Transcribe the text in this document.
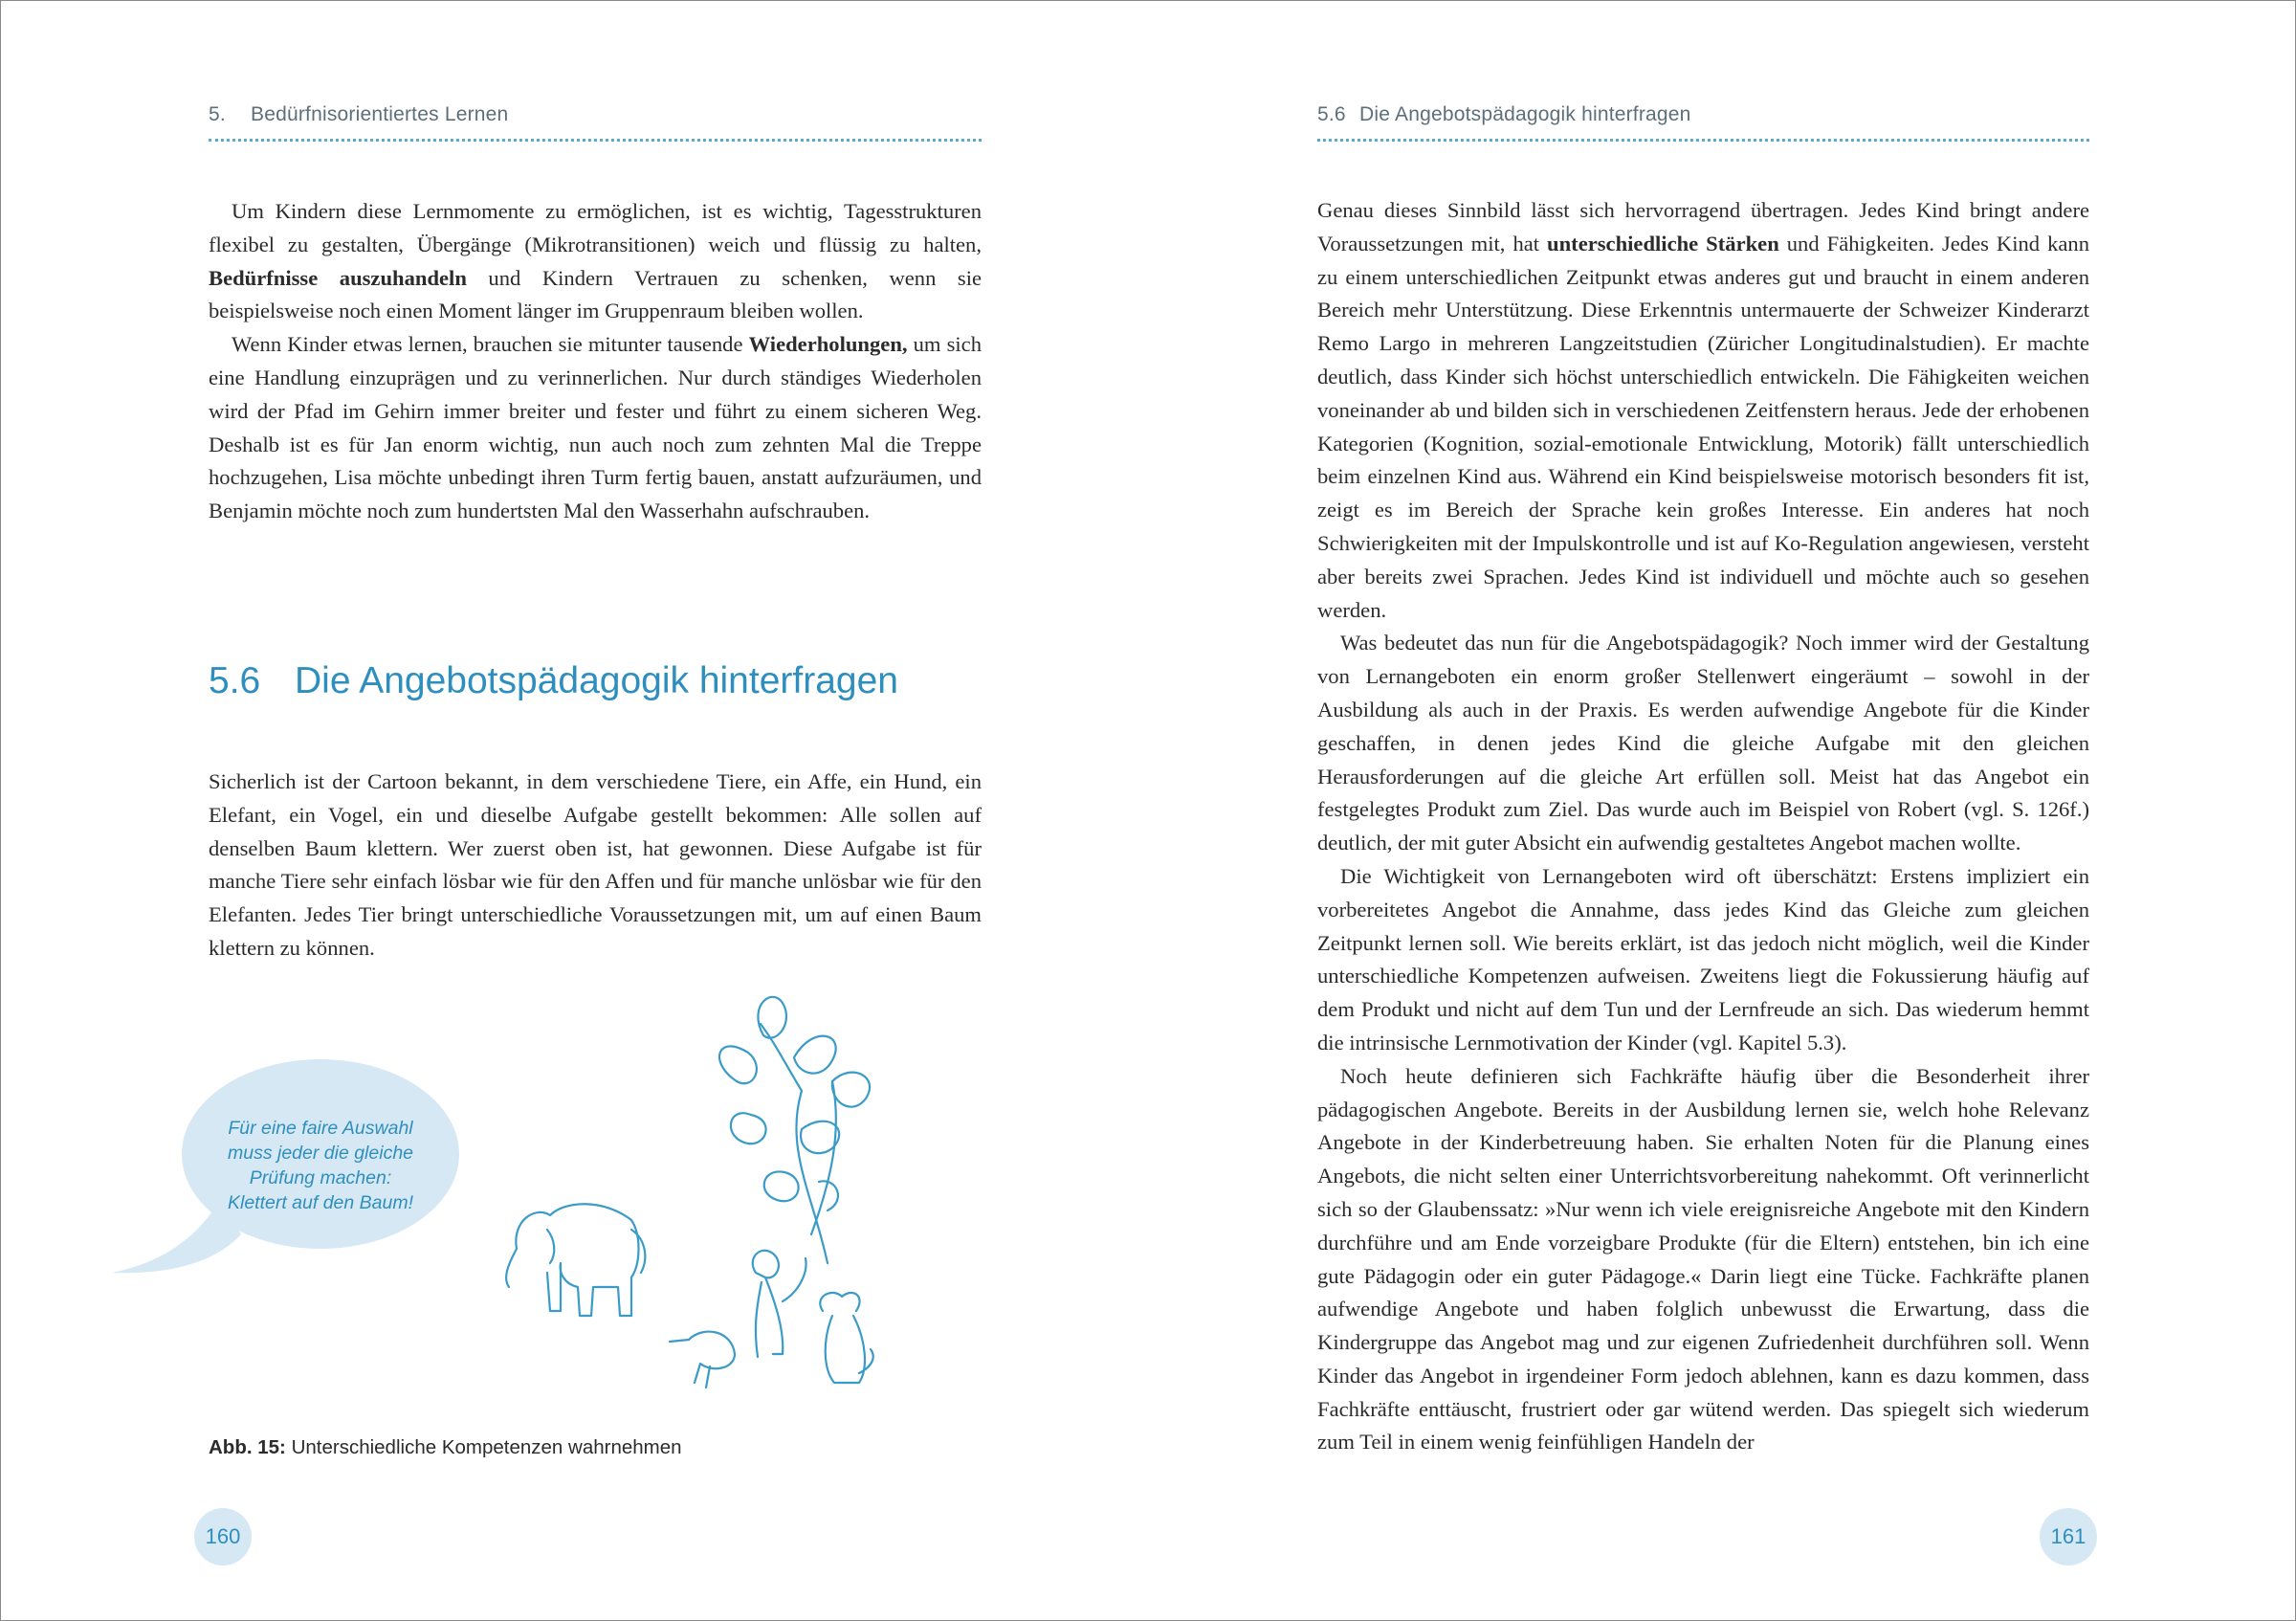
5. Bedürfnisorientiertes Lernen

Um Kindern diese Lernmomente zu ermöglichen, ist es wichtig, Tagesstrukturen flexibel zu gestalten, Übergänge (Mikrotransitionen) weich und flüssig zu halten, Bedürfnisse auszuhandeln und Kindern Vertrauen zu schenken, wenn sie beispielsweise noch einen Moment länger im Gruppenraum bleiben wollen.

Wenn Kinder etwas lernen, brauchen sie mitunter tausende Wiederholungen, um sich eine Handlung einzuprägen und zu verinnerlichen. Nur durch ständiges Wiederholen wird der Pfad im Gehirn immer breiter und fester und führt zu einem sicheren Weg. Deshalb ist es für Jan enorm wichtig, nun auch noch zum zehnten Mal die Treppe hochzugehen, Lisa möchte unbedingt ihren Turm fertig bauen, anstatt aufzuräumen, und Benjamin möchte noch zum hundertsten Mal den Wasserhahn aufschrauben.

5.6 Die Angebotspädagogik hinterfragen

Sicherlich ist der Cartoon bekannt, in dem verschiedene Tiere, ein Affe, ein Hund, ein Elefant, ein Vogel, ein und dieselbe Aufgabe gestellt bekommen: Alle sollen auf denselben Baum klettern. Wer zuerst oben ist, hat gewonnen. Diese Aufgabe ist für manche Tiere sehr einfach lösbar wie für den Affen und für manche unlösbar wie für den Elefanten. Jedes Tier bringt unterschiedliche Voraussetzungen mit, um auf einen Baum klettern zu können.

Für eine faire Auswahl
muss jeder die gleiche
Prüfung machen:
Klettert auf den Baum!
Abb. 15: Unterschiedliche Kompetenzen wahrnehmen
160
5.6 Die Angebotspädagogik hinterfragen

Genau dieses Sinnbild lässt sich hervorragend übertragen. Jedes Kind bringt andere Voraussetzungen mit, hat unterschiedliche Stärken und Fähigkeiten. Jedes Kind kann zu einem unterschiedlichen Zeitpunkt etwas anderes gut und braucht in einem anderen Bereich mehr Unterstützung. Diese Erkenntnis untermauerte der Schweizer Kinderarzt Remo Largo in mehreren Langzeitstudien (Züricher Longitudinalstudien). Er machte deutlich, dass Kinder sich höchst unterschiedlich entwickeln. Die Fähigkeiten weichen voneinander ab und bilden sich in verschiedenen Zeitfenstern heraus. Jede der erhobenen Kategorien (Kognition, sozial-emotionale Entwicklung, Motorik) fällt unterschiedlich beim einzelnen Kind aus. Während ein Kind beispielsweise motorisch besonders fit ist, zeigt es im Bereich der Sprache kein großes Interesse. Ein anderes hat noch Schwierigkeiten mit der Impulskontrolle und ist auf Ko-Regulation angewiesen, versteht aber bereits zwei Sprachen. Jedes Kind ist individuell und möchte auch so gesehen werden.

Was bedeutet das nun für die Angebotspädagogik? Noch immer wird der Gestaltung von Lernangeboten ein enorm großer Stellenwert eingeräumt – sowohl in der Ausbildung als auch in der Praxis. Es werden aufwendige Angebote für die Kinder geschaffen, in denen jedes Kind die gleiche Aufgabe mit den gleichen Herausforderungen auf die gleiche Art erfüllen soll. Meist hat das Angebot ein festgelegtes Produkt zum Ziel. Das wurde auch im Beispiel von Robert (vgl. S. 126f.) deutlich, der mit guter Absicht ein aufwendig gestaltetes Angebot machen wollte.

Die Wichtigkeit von Lernangeboten wird oft überschätzt: Erstens impliziert ein vorbereitetes Angebot die Annahme, dass jedes Kind das Gleiche zum gleichen Zeitpunkt lernen soll. Wie bereits erklärt, ist das jedoch nicht möglich, weil die Kinder unterschiedliche Kompetenzen aufweisen. Zweitens liegt die Fokussierung häufig auf dem Produkt und nicht auf dem Tun und der Lernfreude an sich. Das wiederum hemmt die intrinsische Lernmotivation der Kinder (vgl. Kapitel 5.3).

Noch heute definieren sich Fachkräfte häufig über die Besonderheit ihrer pädagogischen Angebote. Bereits in der Ausbildung lernen sie, welch hohe Relevanz Angebote in der Kinderbetreuung haben. Sie erhalten Noten für die Planung eines Angebots, die nicht selten einer Unterrichtsvorbereitung nahekommt. Oft verinnerlicht sich so der Glaubenssatz: »Nur wenn ich viele ereignisreiche Angebote mit den Kindern durchführe und am Ende vorzeigbare Produkte (für die Eltern) entstehen, bin ich eine gute Pädagogin oder ein guter Pädagoge.« Darin liegt eine Tücke. Fachkräfte planen aufwendige Angebote und haben folglich unbewusst die Erwartung, dass die Kindergruppe das Angebot mag und zur eigenen Zufriedenheit durchführen soll. Wenn Kinder das Angebot in irgendeiner Form jedoch ablehnen, kann es dazu kommen, dass Fachkräfte enttäuscht, frustriert oder gar wütend werden. Das spiegelt sich wiederum zum Teil in einem wenig feinfühligen Handeln der

161
